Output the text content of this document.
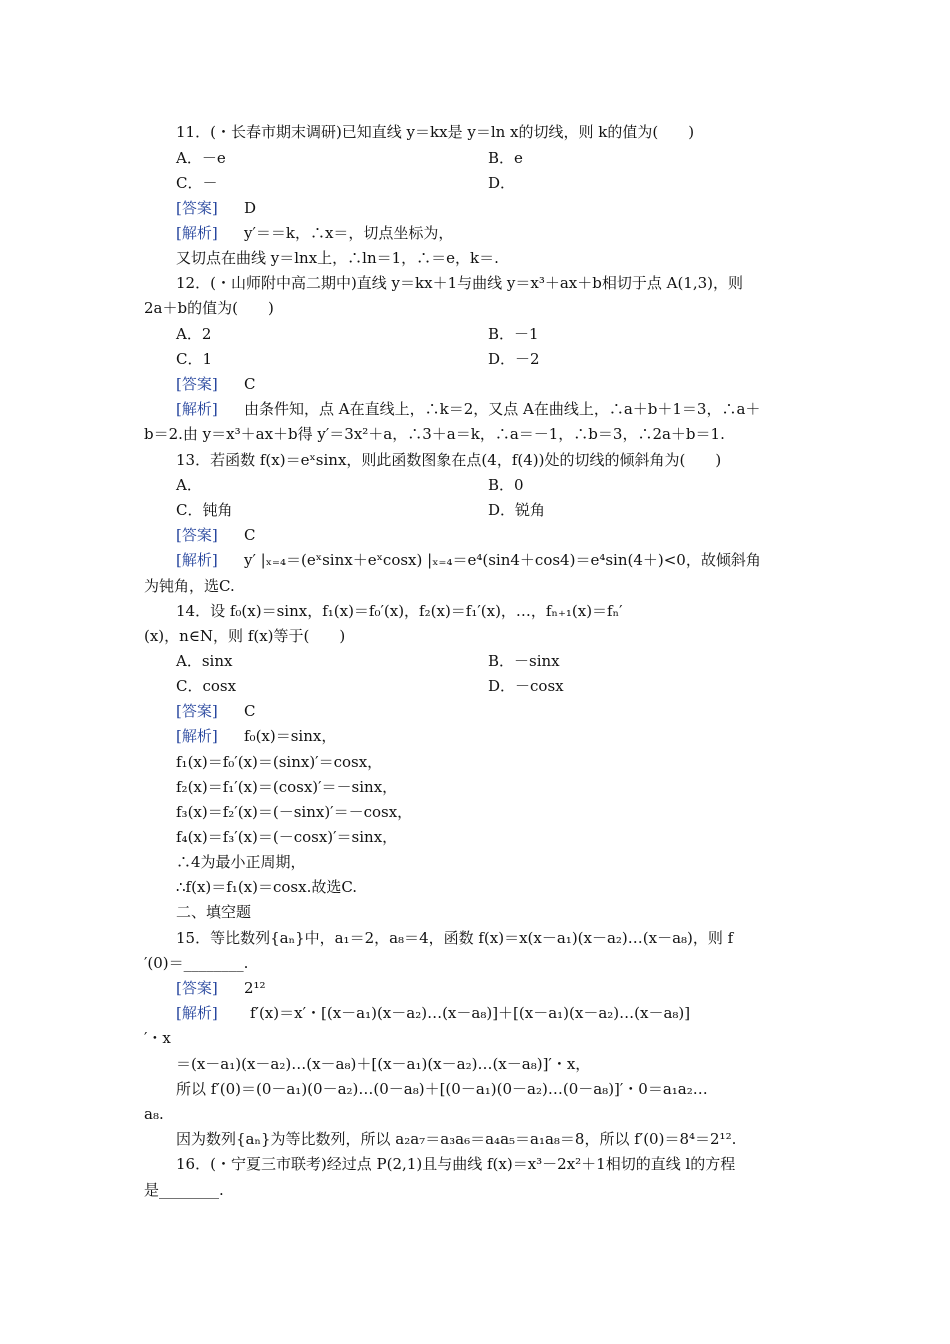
11．(・长春市期末调研)已知直线 y＝kx是 y＝ln x的切线，则 k的值为(　　)
A．－e	B．e
C．－	D．
[答案] D
[解析] y′＝＝k，∴x＝，切点坐标为，
又切点在曲线 y＝lnx上，∴ln＝1，∴＝e，k＝.
12．(・山师附中高二期中)直线 y＝kx＋1与曲线 y＝x³＋ax＋b相切于点 A(1,3)，则
2a＋b的值为(　　)
A．2	B．－1
C．1	D．－2
[答案] C
[解析] 由条件知，点 A在直线上，∴k＝2，又点 A在曲线上，∴a＋b＋1＝3，∴a＋
b＝2.由 y＝x³＋ax＋b得 y′＝3x²＋a，∴3＋a＝k，∴a＝－1，∴b＝3，∴2a＋b＝1.
13．若函数 f(x)＝eˣsinx，则此函数图象在点(4，f(4))处的切线的倾斜角为(　　)
A．	B．0
C．钝角	D．锐角
[答案] C
[解析] y′ |ₓ₌₄＝(eˣsinx＋eˣcosx) |ₓ₌₄＝e⁴(sin4＋cos4)＝e⁴sin(4＋)<0，故倾斜角
为钝角，选C.
14．设 f₀(x)＝sinx，f₁(x)＝f₀′(x)，f₂(x)＝f₁′(x)，…，fₙ₊₁(x)＝fₙ′
(x)，n∈N，则 f(x)等于(　　)
A．sinx	B．－sinx
C．cosx	D．－cosx
[答案] C
[解析] f₀(x)＝sinx，
f₁(x)＝f₀′(x)＝(sinx)′＝cosx，
f₂(x)＝f₁′(x)＝(cosx)′＝－sinx，
f₃(x)＝f₂′(x)＝(－sinx)′＝－cosx，
f₄(x)＝f₃′(x)＝(－cosx)′＝sinx，
∴4为最小正周期，
∴f(x)＝f₁(x)＝cosx.故选C.
二、填空题
15．等比数列{aₙ}中，a₁＝2，a₈＝4，函数 f(x)＝x(x－a₁)(x－a₂)…(x－a₈)，则 f
′(0)＝________.
[答案] 2¹²
[解析] f′(x)＝x′・[(x－a₁)(x－a₂)…(x－a₈)]＋[(x－a₁)(x－a₂)…(x－a₈)]
′・x
＝(x－a₁)(x－a₂)…(x－a₈)＋[(x－a₁)(x－a₂)…(x－a₈)]′・x，
所以 f′(0)＝(0－a₁)(0－a₂)…(0－a₈)＋[(0－a₁)(0－a₂)…(0－a₈)]′・0＝a₁a₂…
a₈.
因为数列{aₙ}为等比数列，所以 a₂a₇＝a₃a₆＝a₄a₅＝a₁a₈＝8，所以 f′(0)＝8⁴＝2¹².
16．(・宁夏三市联考)经过点 P(2,1)且与曲线 f(x)＝x³－2x²＋1相切的直线 l的方程
是________.
